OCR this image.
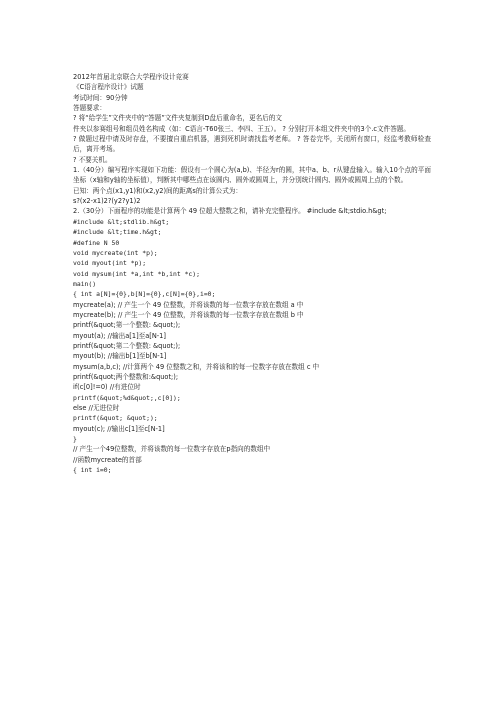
2012年首届北京联合大学程序设计竞赛
《C语言程序设计》试题
考试时间：90分钟
答题要求：
? 将“给学生”文件夹中的“答题”文件夹复制到D盘后重命名，更名后的文
件夹以参赛组号和组员姓名构成（如：C语言-T60张三、李四、王五）。 ? 分别打开本组文件夹中的3个.c文件答题。
? 做题过程中请及时存盘，不要擅自重启机器，遇到死机时请找监考老师。 ? 答卷完毕，关闭所有窗口，经监考教师检查后，离开考场。
? 不要关机。
1.（40分）编写程序实现如下功能：假设有一个圆心为(a,b)、半径为r的圆，其中a、b、r从键盘输入。输入10个点的平面坐标（x轴和y轴的坐标值），判断其中哪些点在该圆内、圆外或圆周上，并分别统计圆内、圆外或圆周上点的个数。
已知：两个点(x1,y1)和(x2,y2)间的距离s的计算公式为：
s?(x2-x1)2?(y2?y1)2
2.（30分）下面程序的功能是计算两个 49 位超大整数之和，请补充完整程序。 #include &lt;stdio.h&gt;
#include &lt;stdlib.h&gt;
#include &lt;time.h&gt;
#define N 50
void mycreate(int *p);
void myout(int *p);
void mysum(int *a,int *b,int *c);
main()
{ int a[N]={0},b[N]={0},c[N]={0},i=0;
mycreate(a); // 产生一个 49 位整数，并将该数的每一位数字存放在数组 a 中
mycreate(b); // 产生一个 49 位整数，并将该数的每一位数字存放在数组 b 中
printf(&quot;第一个整数: &quot;);
myout(a); //输出a[1]至a[N-1]
printf(&quot;第二个整数: &quot;);
myout(b); //输出b[1]至b[N-1]
mysum(a,b,c); //计算两个 49 位整数之和，并将该和的每一位数字存放在数组 c 中
printf(&quot;两个整数和:&quot;);
if(c[0]!=0) //有进位时
printf(&quot;%d&quot;,c[0]);
else //无进位时
printf(&quot; &quot;);
myout(c); //输出c[1]至c[N-1]
}
// 产生一个49位整数，并将该数的每一位数字存放在p指向的数组中
//函数mycreate的首部
{ int i=0;
